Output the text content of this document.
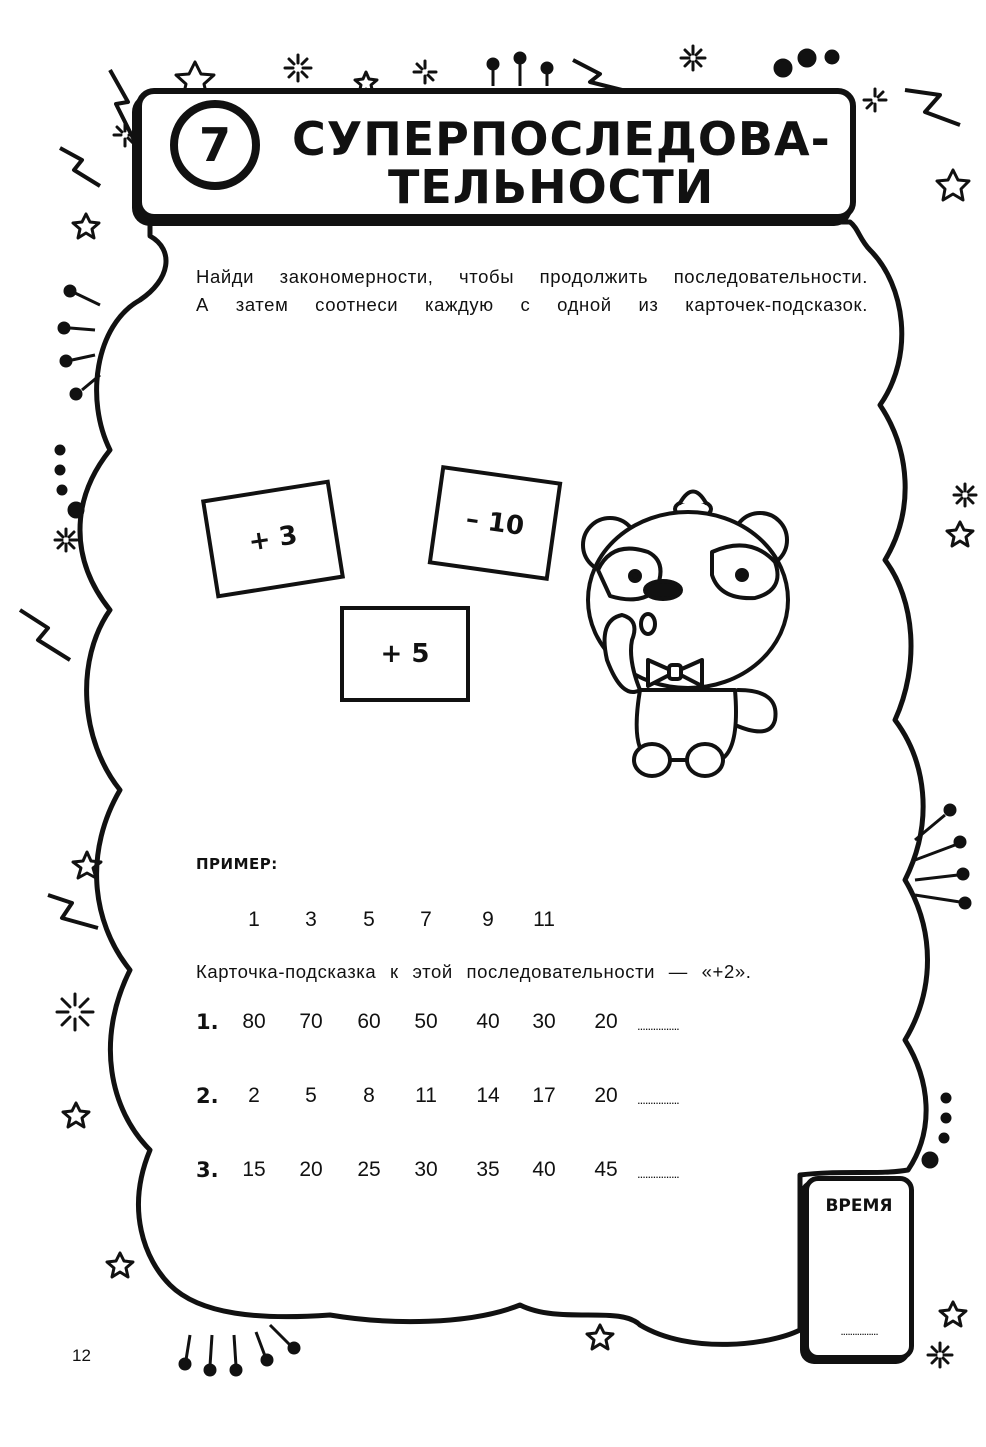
7 СУПЕРПОСЛЕДОВА-
ТЕЛЬНОСТИ
Найди закономерности, чтобы продолжить последовательности.
А затем соотнеси каждую с одной из карточек-подсказок.
+ 3	– 10
+ 5
ПРИМЕР:
1	3	5	7	9	11
Карточка-подсказка к этой последовательности — «+2».
1.	80	70	60	50	40	30	20	................
2.	2	5	8	11	14	17	20	................
3.	15	20	25	30	35	40	45	................
ВРЕМЯ
................
12
